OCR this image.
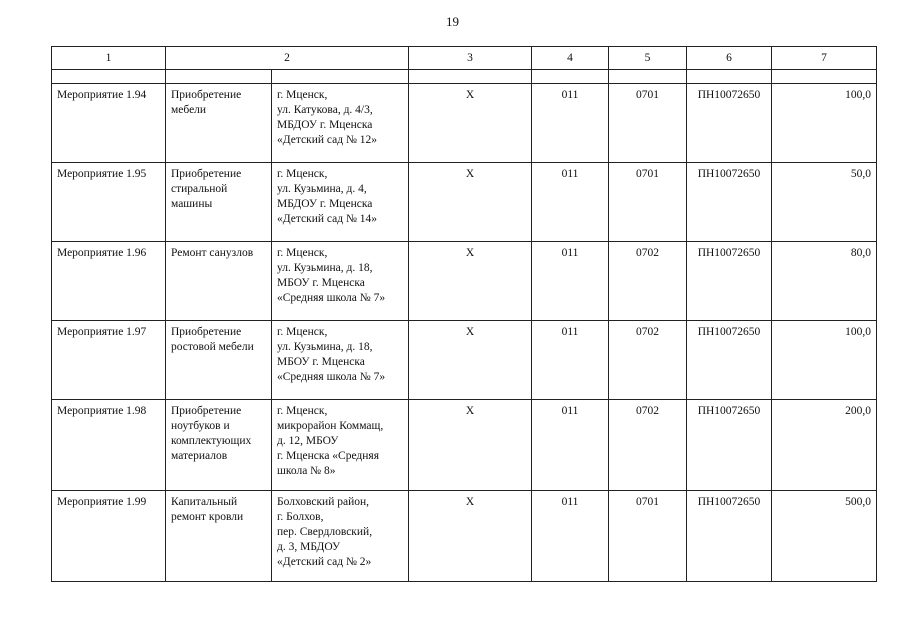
19
1	2		3	4	5	6	7

Мероприятие 1.94	Приобретение
мебели	г. Мценск,
ул. Катукова, д. 4/3,
МБДОУ г. Мценска
«Детский сад № 12»	X	011	0701	ПН10072650	100,0
Мероприятие 1.95	Приобретение
стиральной
машины	г. Мценск,
ул. Кузьмина, д. 4,
МБДОУ г. Мценска
«Детский сад № 14»	X	011	0701	ПН10072650	50,0
Мероприятие 1.96	Ремонт санузлов	г. Мценск,
ул. Кузьмина, д. 18,
МБОУ г. Мценска
«Средняя школа № 7»	X	011	0702	ПН10072650	80,0
Мероприятие 1.97	Приобретение
ростовой мебели	г. Мценск,
ул. Кузьмина, д. 18,
МБОУ г. Мценска
«Средняя школа № 7»	X	011	0702	ПН10072650	100,0
Мероприятие 1.98	Приобретение
ноутбуков и
комплектующих
материалов	г. Мценск,
микрорайон Коммащ,
д. 12, МБОУ
г. Мценска «Средняя
школа № 8»	X	011	0702	ПН10072650	200,0
Мероприятие 1.99	Капитальный
ремонт кровли	Болховский район,
г. Болхов,
пер. Свердловский,
д. 3, МБДОУ
«Детский сад № 2»	X	011	0701	ПН10072650	500,0
